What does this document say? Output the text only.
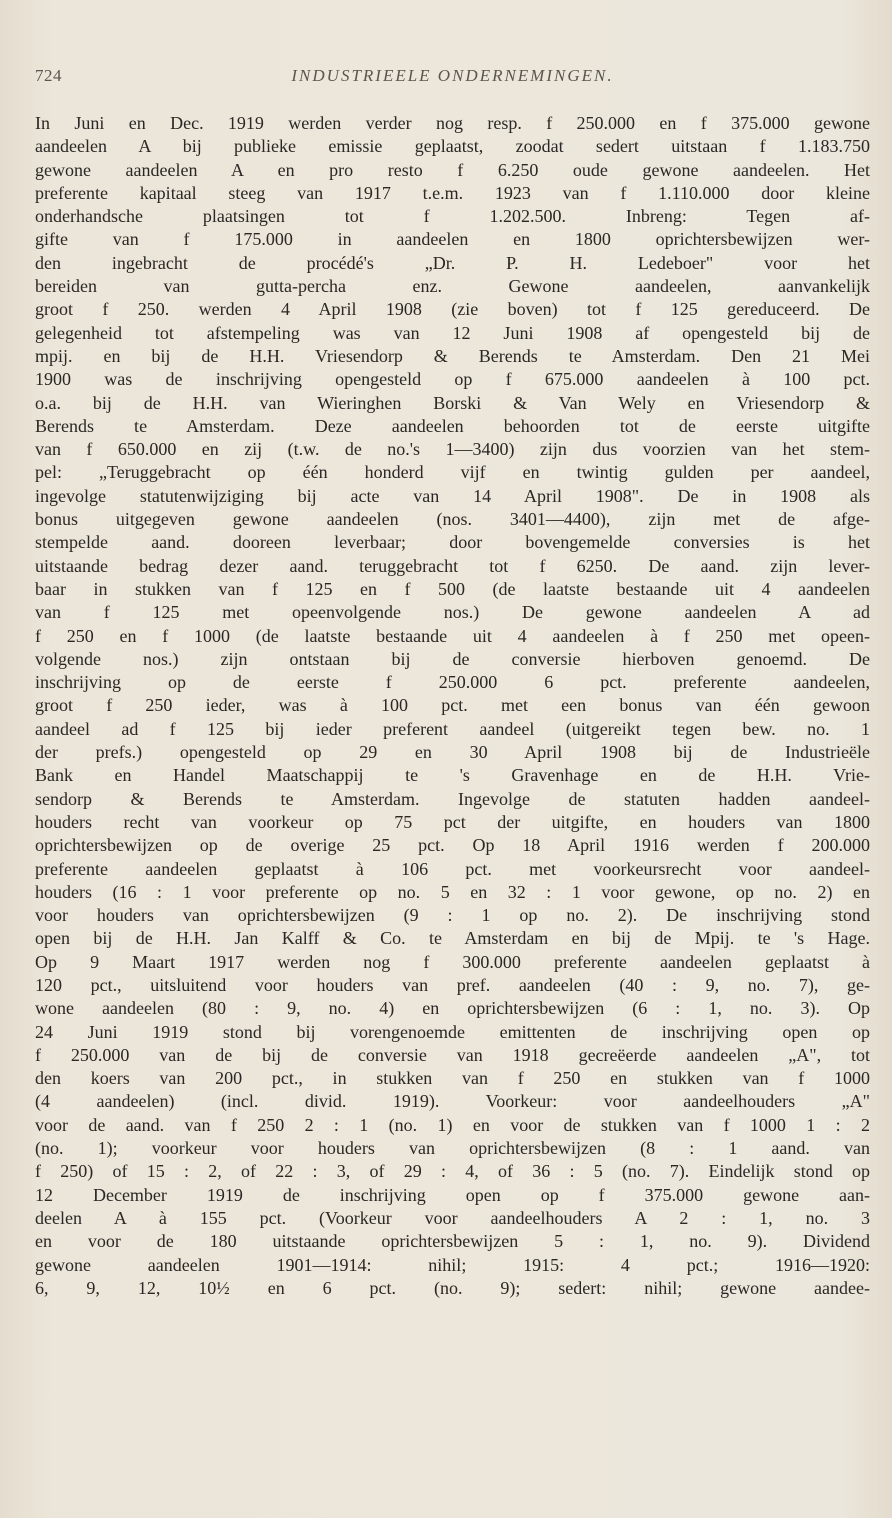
724	INDUSTRIEELE ONDERNEMINGEN.
In Juni en Dec. 1919 werden verder nog resp. f 250.000 en f 375.000 gewone
aandeelen A bij publieke emissie geplaatst, zoodat sedert uitstaan f 1.183.750
gewone aandeelen A en pro resto f 6.250 oude gewone aandeelen. Het
preferente kapitaal steeg van 1917 t.e.m. 1923 van f 1.110.000 door kleine
onderhandsche plaatsingen tot f 1.202.500. Inbreng: Tegen af-
gifte van f 175.000 in aandeelen en 1800 oprichtersbewijzen wer-
den ingebracht de procédé's „Dr. P. H. Ledeboer" voor het
bereiden van gutta-percha enz. Gewone aandeelen, aanvankelijk
groot f 250. werden 4 April 1908 (zie boven) tot f 125 gereduceerd. De
gelegenheid tot afstempeling was van 12 Juni 1908 af opengesteld bij de
mpij. en bij de H.H. Vriesendorp & Berends te Amsterdam. Den 21 Mei
1900 was de inschrijving opengesteld op f 675.000 aandeelen à 100 pct.
o.a. bij de H.H. van Wieringhen Borski & Van Wely en Vriesendorp &
Berends te Amsterdam. Deze aandeelen behoorden tot de eerste uitgifte
van f 650.000 en zij (t.w. de no.'s 1—3400) zijn dus voorzien van het stem-
pel: „Teruggebracht op één honderd vijf en twintig gulden per aandeel,
ingevolge statutenwijziging bij acte van 14 April 1908". De in 1908 als
bonus uitgegeven gewone aandeelen (nos. 3401—4400), zijn met de afge-
stempelde aand. dooreen leverbaar; door bovengemelde conversies is het
uitstaande bedrag dezer aand. teruggebracht tot f 6250. De aand. zijn lever-
baar in stukken van f 125 en f 500 (de laatste bestaande uit 4 aandeelen
van f 125 met opeenvolgende nos.) De gewone aandeelen A ad
f 250 en f 1000 (de laatste bestaande uit 4 aandeelen à f 250 met opeen-
volgende nos.) zijn ontstaan bij de conversie hierboven genoemd. De
inschrijving op de eerste f 250.000 6 pct. preferente aandeelen,
groot f 250 ieder, was à 100 pct. met een bonus van één gewoon
aandeel ad f 125 bij ieder preferent aandeel (uitgereikt tegen bew. no. 1
der prefs.) opengesteld op 29 en 30 April 1908 bij de Industrieële
Bank en Handel Maatschappij te 's Gravenhage en de H.H. Vrie-
sendorp & Berends te Amsterdam. Ingevolge de statuten hadden aandeel-
houders recht van voorkeur op 75 pct der uitgifte, en houders van 1800
oprichtersbewijzen op de overige 25 pct. Op 18 April 1916 werden f 200.000
preferente aandeelen geplaatst à 106 pct. met voorkeursrecht voor aandeel-
houders (16 : 1 voor preferente op no. 5 en 32 : 1 voor gewone, op no. 2) en
voor houders van oprichtersbewijzen (9 : 1 op no. 2). De inschrijving stond
open bij de H.H. Jan Kalff & Co. te Amsterdam en bij de Mpij. te 's Hage.
Op 9 Maart 1917 werden nog f 300.000 preferente aandeelen geplaatst à
120 pct., uitsluitend voor houders van pref. aandeelen (40 : 9, no. 7), ge-
wone aandeelen (80 : 9, no. 4) en oprichtersbewijzen (6 : 1, no. 3). Op
24 Juni 1919 stond bij vorengenoemde emittenten de inschrijving open op
f 250.000 van de bij de conversie van 1918 gecreëerde aandeelen „A", tot
den koers van 200 pct., in stukken van f 250 en stukken van f 1000
(4 aandeelen) (incl. divid. 1919). Voorkeur: voor aandeelhouders „A"
voor de aand. van f 250 2 : 1 (no. 1) en voor de stukken van f 1000 1 : 2
(no. 1); voorkeur voor houders van oprichtersbewijzen (8 : 1 aand. van
f 250) of 15 : 2, of 22 : 3, of 29 : 4, of 36 : 5 (no. 7). Eindelijk stond op
12 December 1919 de inschrijving open op f 375.000 gewone aan-
deelen A à 155 pct. (Voorkeur voor aandeelhouders A 2 : 1, no. 3
en voor de 180 uitstaande oprichtersbewijzen 5 : 1, no. 9). Dividend
gewone aandeelen 1901—1914: nihil; 1915: 4 pct.; 1916—1920:
6, 9, 12, 10½ en 6 pct. (no. 9); sedert: nihil; gewone aandee-
